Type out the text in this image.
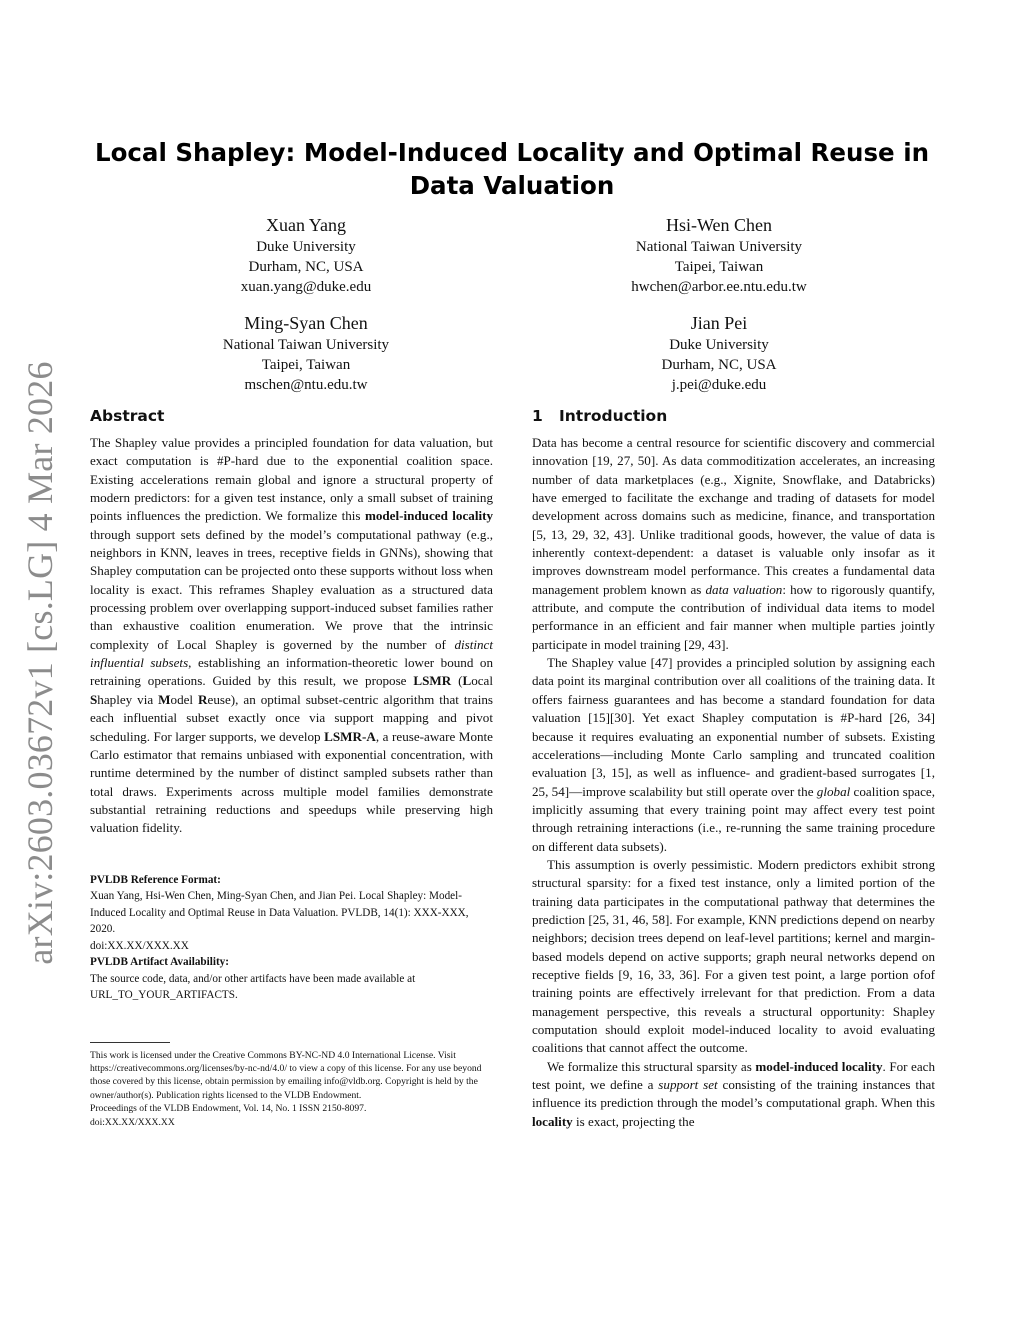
arXiv:2603.03672v1 [cs.LG] 4 Mar 2026
Local Shapley: Model-Induced Locality and Optimal Reuse in Data Valuation
Xuan Yang
Duke University
Durham, NC, USA
xuan.yang@duke.edu
Hsi-Wen Chen
National Taiwan University
Taipei, Taiwan
hwchen@arbor.ee.ntu.edu.tw
Ming-Syan Chen
National Taiwan University
Taipei, Taiwan
mschen@ntu.edu.tw
Jian Pei
Duke University
Durham, NC, USA
j.pei@duke.edu
Abstract

The Shapley value provides a principled foundation for data valuation, but exact computation is #P-hard due to the exponential coalition space. Existing accelerations remain global and ignore a structural property of modern predictors: for a given test instance, only a small subset of training points influences the prediction. We formalize this model-induced locality through support sets defined by the model’s computational pathway (e.g., neighbors in KNN, leaves in trees, receptive fields in GNNs), showing that Shapley computation can be projected onto these supports without loss when locality is exact. This reframes Shapley evaluation as a structured data processing problem over overlapping support-induced subset families rather than exhaustive coalition enumeration. We prove that the intrinsic complexity of Local Shapley is governed by the number of distinct influential subsets, establishing an information-theoretic lower bound on retraining operations. Guided by this result, we propose LSMR (Local Shapley via Model Reuse), an optimal subset-centric algorithm that trains each influential subset exactly once via support mapping and pivot scheduling. For larger supports, we develop LSMR-A, a reuse-aware Monte Carlo estimator that remains unbiased with exponential concentration, with runtime determined by the number of distinct sampled subsets rather than total draws. Experiments across multiple model families demonstrate substantial retraining reductions and speedups while preserving high valuation fidelity.

PVLDB Reference Format:
Xuan Yang, Hsi-Wen Chen, Ming-Syan Chen, and Jian Pei. Local Shapley: Model-Induced Locality and Optimal Reuse in Data Valuation. PVLDB, 14(1): XXX-XXX, 2020.
doi:XX.XX/XXX.XX
PVLDB Artifact Availability:
The source code, data, and/or other artifacts have been made available at URL_TO_YOUR_ARTIFACTS.
This work is licensed under the Creative Commons BY-NC-ND 4.0 International License. Visit https://creativecommons.org/licenses/by-nc-nd/4.0/ to view a copy of this license. For any use beyond those covered by this license, obtain permission by emailing info@vldb.org. Copyright is held by the owner/author(s). Publication rights licensed to the VLDB Endowment.
Proceedings of the VLDB Endowment, Vol. 14, No. 1 ISSN 2150-8097.
doi:XX.XX/XXX.XX
1 Introduction

Data has become a central resource for scientific discovery and commercial innovation [19, 27, 50]. As data commoditization accelerates, an increasing number of data marketplaces (e.g., Xignite, Snowflake, and Databricks) have emerged to facilitate the exchange and trading of datasets for model development across domains such as medicine, finance, and transportation [5, 13, 29, 32, 43]. Unlike traditional goods, however, the value of data is inherently context-dependent: a dataset is valuable only insofar as it improves downstream model performance. This creates a fundamental data management problem known as data valuation: how to rigorously quantify, attribute, and compute the contribution of individual data items to model performance in an efficient and fair manner when multiple parties jointly participate in model training [29, 43].

The Shapley value [47] provides a principled solution by assigning each data point its marginal contribution over all coalitions of the training data. It offers fairness guarantees and has become a standard foundation for data valuation [15][30]. Yet exact Shapley computation is #P-hard [26, 34] because it requires evaluating an exponential number of subsets. Existing accelerations—including Monte Carlo sampling and truncated coalition evaluation [3, 15], as well as influence- and gradient-based surrogates [1, 25, 54]—improve scalability but still operate over the global coalition space, implicitly assuming that every training point may affect every test point through retraining interactions (i.e., re-running the same training procedure on different data subsets).

This assumption is overly pessimistic. Modern predictors exhibit strong structural sparsity: for a fixed test instance, only a limited portion of the training data participates in the computational pathway that determines the prediction [25, 31, 46, 58]. For example, KNN predictions depend on nearby neighbors; decision trees depend on leaf-level partitions; kernel and margin-based models depend on active supports; graph neural networks depend on receptive fields [9, 16, 33, 36]. For a given test point, a large portion ofof training points are effectively irrelevant for that prediction. From a data management perspective, this reveals a structural opportunity: Shapley computation should exploit model-induced locality to avoid evaluating coalitions that cannot affect the outcome.

We formalize this structural sparsity as model-induced locality. For each test point, we define a support set consisting of the training instances that influence its prediction through the model’s computational graph. When this locality is exact, projecting the
